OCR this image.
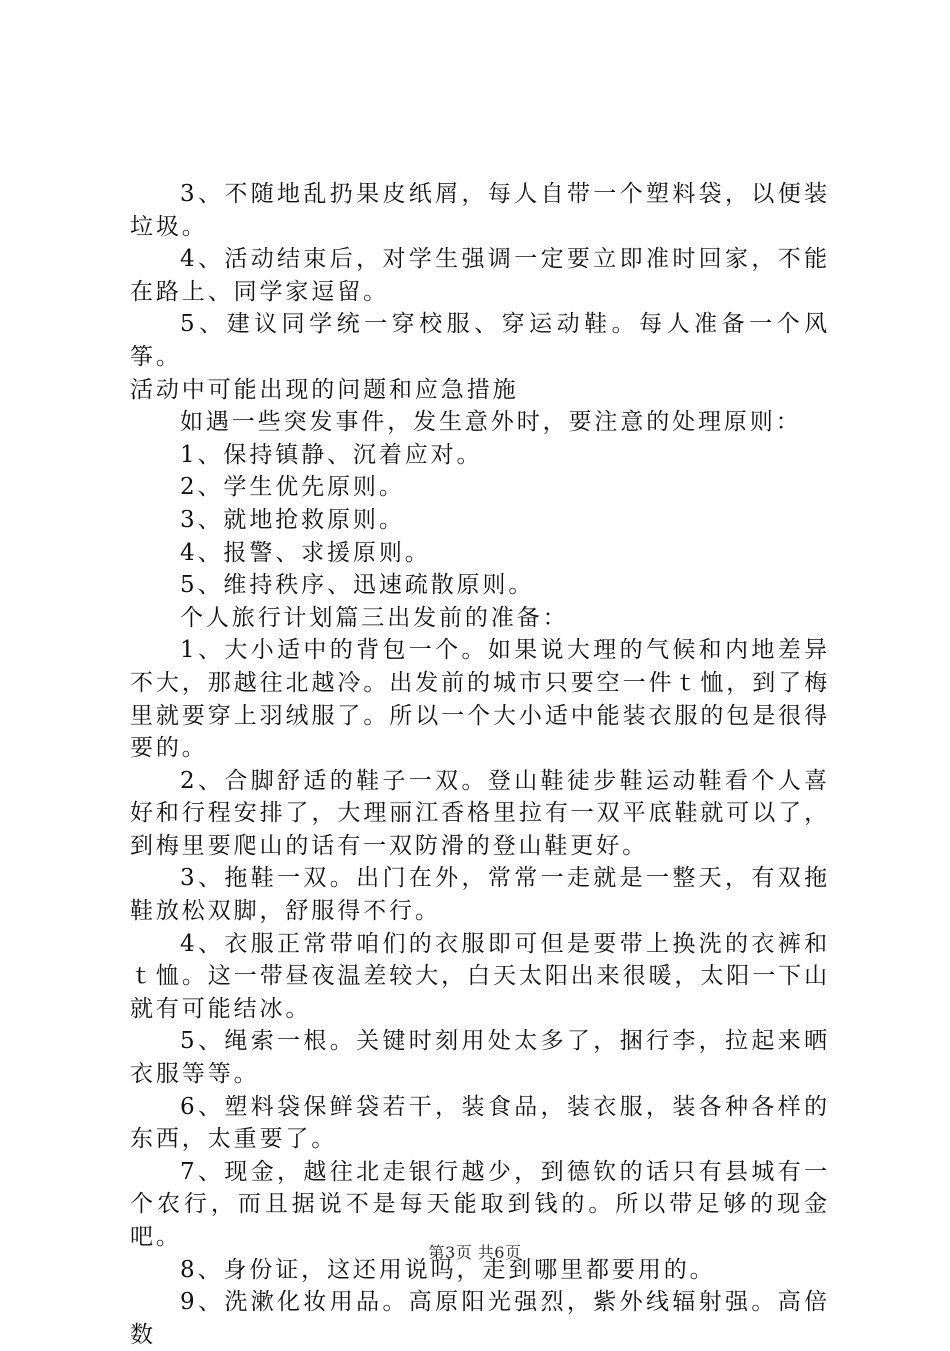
3、不随地乱扔果皮纸屑，每人自带一个塑料袋，以便装垃圾。

4、活动结束后，对学生强调一定要立即准时回家，不能在路上、同学家逗留。

5、建议同学统一穿校服、穿运动鞋。每人准备一个风筝。

活动中可能出现的问题和应急措施

如遇一些突发事件，发生意外时，要注意的处理原则：

1、保持镇静、沉着应对。

2、学生优先原则。

3、就地抢救原则。

4、报警、求援原则。

5、维持秩序、迅速疏散原则。

个人旅行计划篇三出发前的准备：

1、大小适中的背包一个。如果说大理的气候和内地差异不大，那越往北越冷。出发前的城市只要空一件ｔ恤，到了梅里就要穿上羽绒服了。所以一个大小适中能装衣服的包是很得要的。

2、合脚舒适的鞋子一双。登山鞋徒步鞋运动鞋看个人喜好和行程安排了，大理丽江香格里拉有一双平底鞋就可以了，到梅里要爬山的话有一双防滑的登山鞋更好。

3、拖鞋一双。出门在外，常常一走就是一整天，有双拖鞋放松双脚，舒服得不行。

4、衣服正常带咱们的衣服即可但是要带上换洗的衣裤和ｔ恤。这一带昼夜温差较大，白天太阳出来很暖，太阳一下山就有可能结冰。

5、绳索一根。关键时刻用处太多了，捆行李，拉起来晒衣服等等。

6、塑料袋保鲜袋若干，装食品，装衣服，装各种各样的东西，太重要了。

7、现金，越往北走银行越少，到德钦的话只有县城有一个农行，而且据说不是每天能取到钱的。所以带足够的现金吧。

8、身份证，这还用说吗，走到哪里都要用的。

9、洗漱化妆用品。高原阳光强烈，紫外线辐射强。高倍数

第3页 共6页
